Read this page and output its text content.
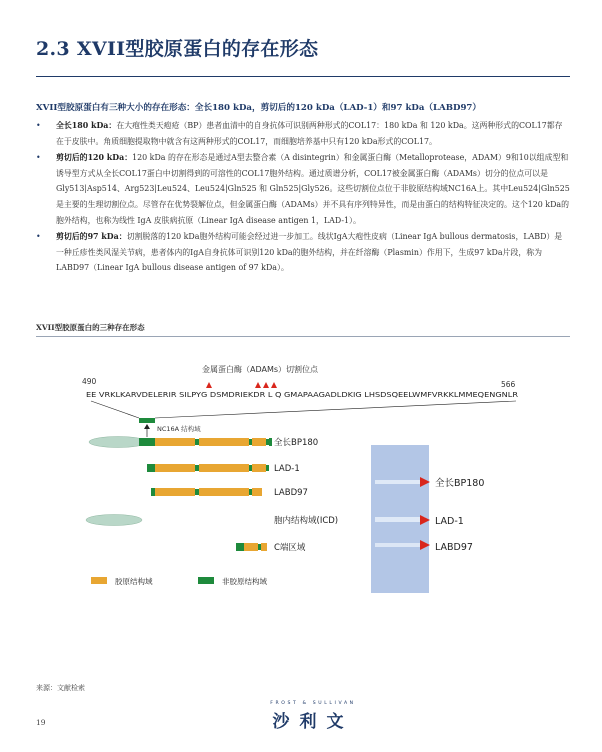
2.3 XVII型胶原蛋白的存在形态
XVII型胶原蛋白有三种大小的存在形态：全长180 kDa，剪切后的120 kDa（LAD-1）和97 kDa（LABD97）
• 全长180 kDa：在大疱性类天疱疮（BP）患者血清中的自身抗体可识别两种形式的COL17：180 kDa 和 120 kDa。这两种形式的COL17都存在于皮肤中。角质细胞提取物中就含有这两种形式的COL17，而细胞培养基中只有120 kDa形式的COL17。
• 剪切后的120 kDa：120 kDa 的存在形态是通过A型去整合素（A disintegrin）和金属蛋白酶（Metalloprotease，ADAM）9和10以组成型和诱导型方式从全长COL17蛋白中切割得到的可溶性的COL17胞外结构。通过质谱分析，COL17被金属蛋白酶（ADAMs）切分的位点可以是 Gly513|Asp514、Arg523|Leu524、Leu524|Gln525 和 Gln525|Gly526。这些切割位点位于非胶原结构域NC16A上。其中Leu524|Gln525是主要的生理切割位点。尽管存在优势裂解位点，但金属蛋白酶（ADAMs）并不具有序列特异性，而是由蛋白的结构特征决定的。这个120 kDa的胞外结构，也称为线性 IgA 皮肤病抗原（Linear IgA disease antigen 1，LAD-1）。
• 剪切后的97 kDa：切割脱落的120 kDa胞外结构可能会经过进一步加工。线状IgA大疱性皮病（Linear IgA bullous dermatosis，LABD）是一种丘疹性类风湿关节病，患者体内的IgA自身抗体可识别120 kDa的胞外结构，并在纤溶酶（Plasmin）作用下，生成97 kDa片段，称为LABD97（Linear IgA bullous disease antigen of 97 kDa）。
XVII型胶原蛋白的三种存在形态
金属蛋白酶（ADAMs）切割位点
490	566
EE VRKLKARVDELERIR SILPYG DSMDRIEKDR L Q GMAPAAGADLDKIG LHSDSQEELWMFVRKKLMMEQENGNLR
NC16A 结构域
全长BP180
LAD-1
LABD97
胞内结构域(ICD)
C端区域
胶原结构域	非胶原结构域
全长BP180
LAD-1
LABD97
来源：文献检索
19
FROST & SULLIVAN
沙利文
